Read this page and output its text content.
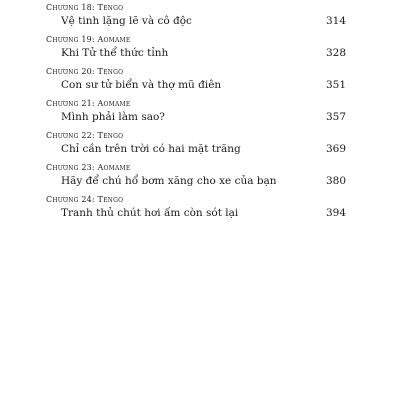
Chương 18: Tengo
Vệ tinh lặng lẽ và cô độc	314
Chương 19: Aomame
Khi Tử thể thức tỉnh	328
Chương 20: Tengo
Con sư tử biển và thợ mũ điên	351
Chương 21: Aomame
Mình phải làm sao?	357
Chương 22: Tengo
Chỉ cần trên trời có hai mặt trăng	369
Chương 23: Aomame
Hãy để chú hổ bơm xăng cho xe của bạn	380
Chương 24: Tengo
Tranh thủ chút hơi ấm còn sót lại	394
